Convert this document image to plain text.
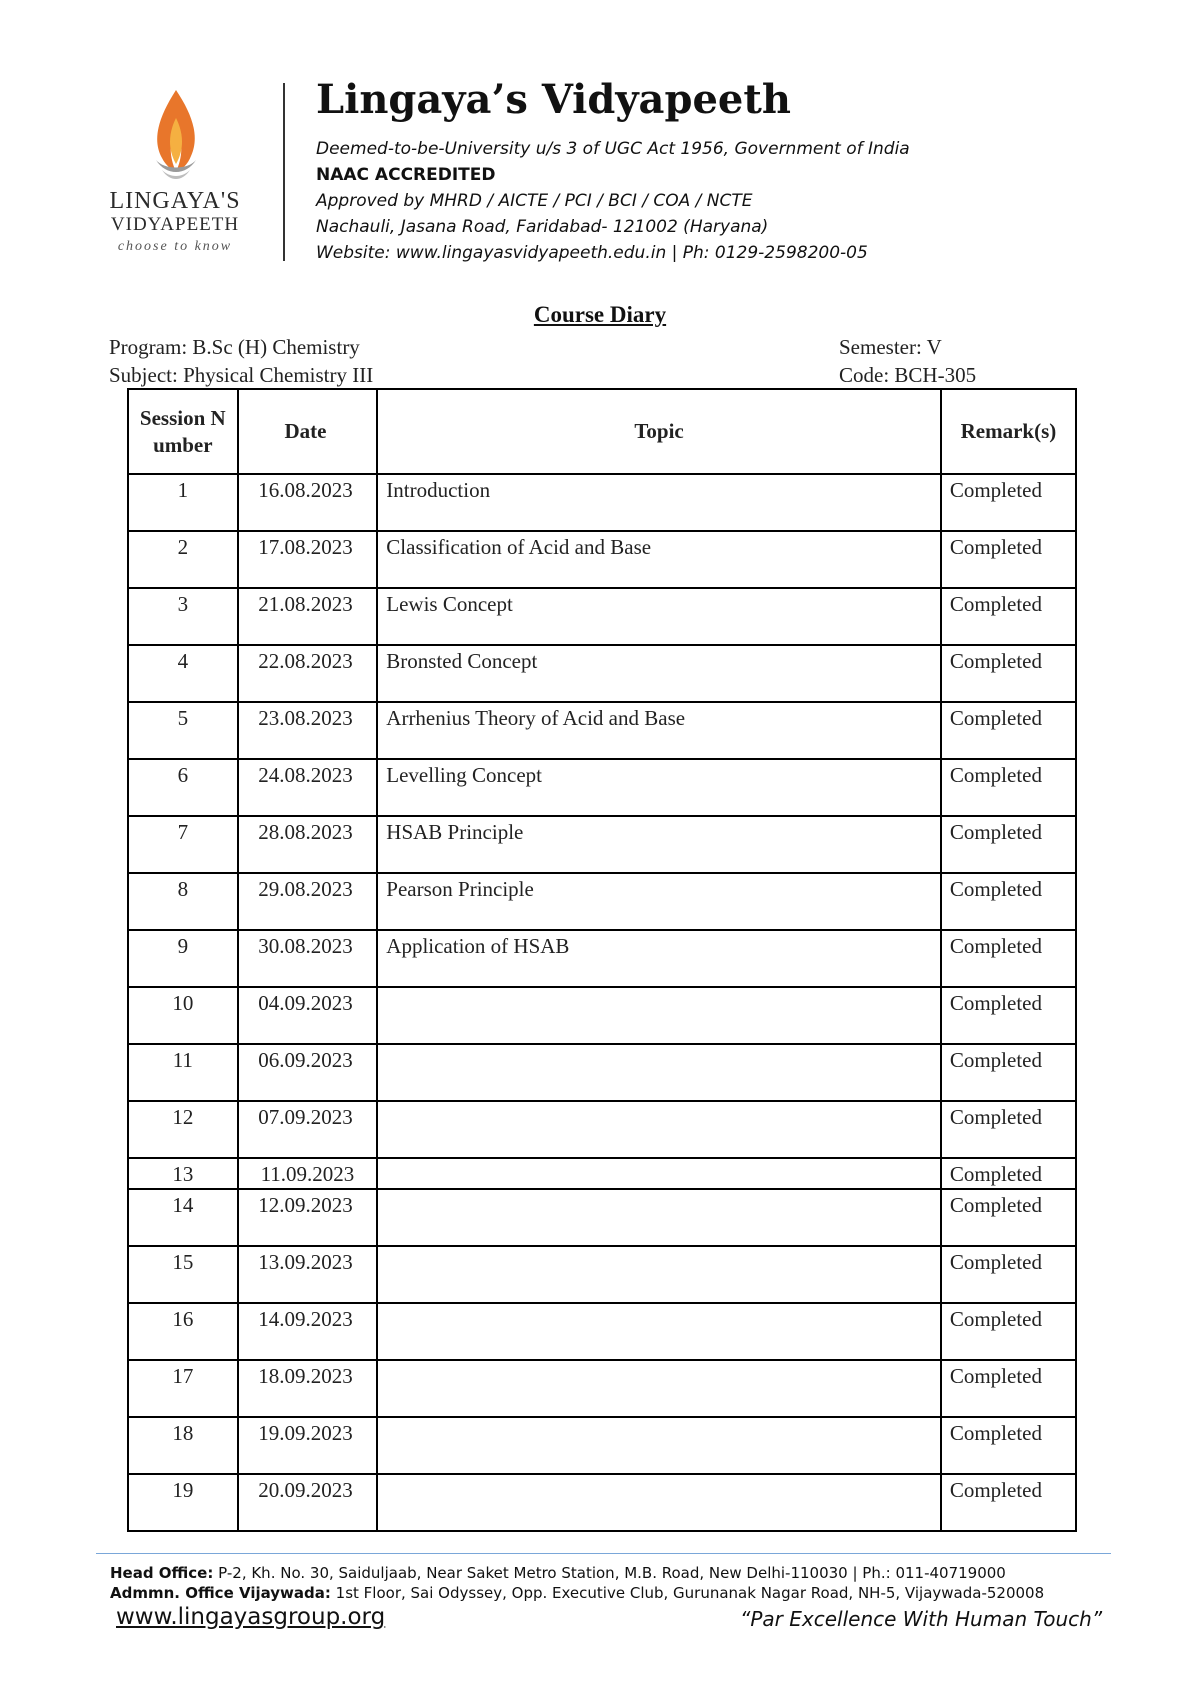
LINGAYA'S
VIDYAPEETH
choose to know
Lingaya’s Vidyapeeth
Deemed-to-be-University u/s 3 of UGC Act 1956, Government of India
NAAC ACCREDITED
Approved by MHRD / AICTE / PCI / BCI / COA / NCTE
Nachauli, Jasana Road, Faridabad- 121002 (Haryana)
Website: www.lingayasvidyapeeth.edu.in | Ph: 0129-2598200-05
Course Diary
Program: B.Sc (H) Chemistry	Semester: V
Subject: Physical Chemistry III	Code: BCH-305
Session Number	Date	Topic	Remark(s)
1	16.08.2023	Introduction	Completed
2	17.08.2023	Classification of Acid and Base	Completed
3	21.08.2023	Lewis Concept	Completed
4	22.08.2023	Bronsted Concept	Completed
5	23.08.2023	Arrhenius Theory of Acid and Base	Completed
6	24.08.2023	Levelling Concept	Completed
7	28.08.2023	HSAB Principle	Completed
8	29.08.2023	Pearson Principle	Completed
9	30.08.2023	Application of HSAB	Completed
10	04.09.2023		Completed
11	06.09.2023		Completed
12	07.09.2023		Completed
13	11.09.2023		Completed
14	12.09.2023		Completed
15	13.09.2023		Completed
16	14.09.2023		Completed
17	18.09.2023		Completed
18	19.09.2023		Completed
19	20.09.2023		Completed
Head Office: P-2, Kh. No. 30, Saiduljaab, Near Saket Metro Station, M.B. Road, New Delhi-110030 | Ph.: 011-40719000
Admmn. Office Vijaywada: 1st Floor, Sai Odyssey, Opp. Executive Club, Gurunanak Nagar Road, NH-5, Vijaywada-520008
www.lingayasgroup.org	“Par Excellence With Human Touch”
